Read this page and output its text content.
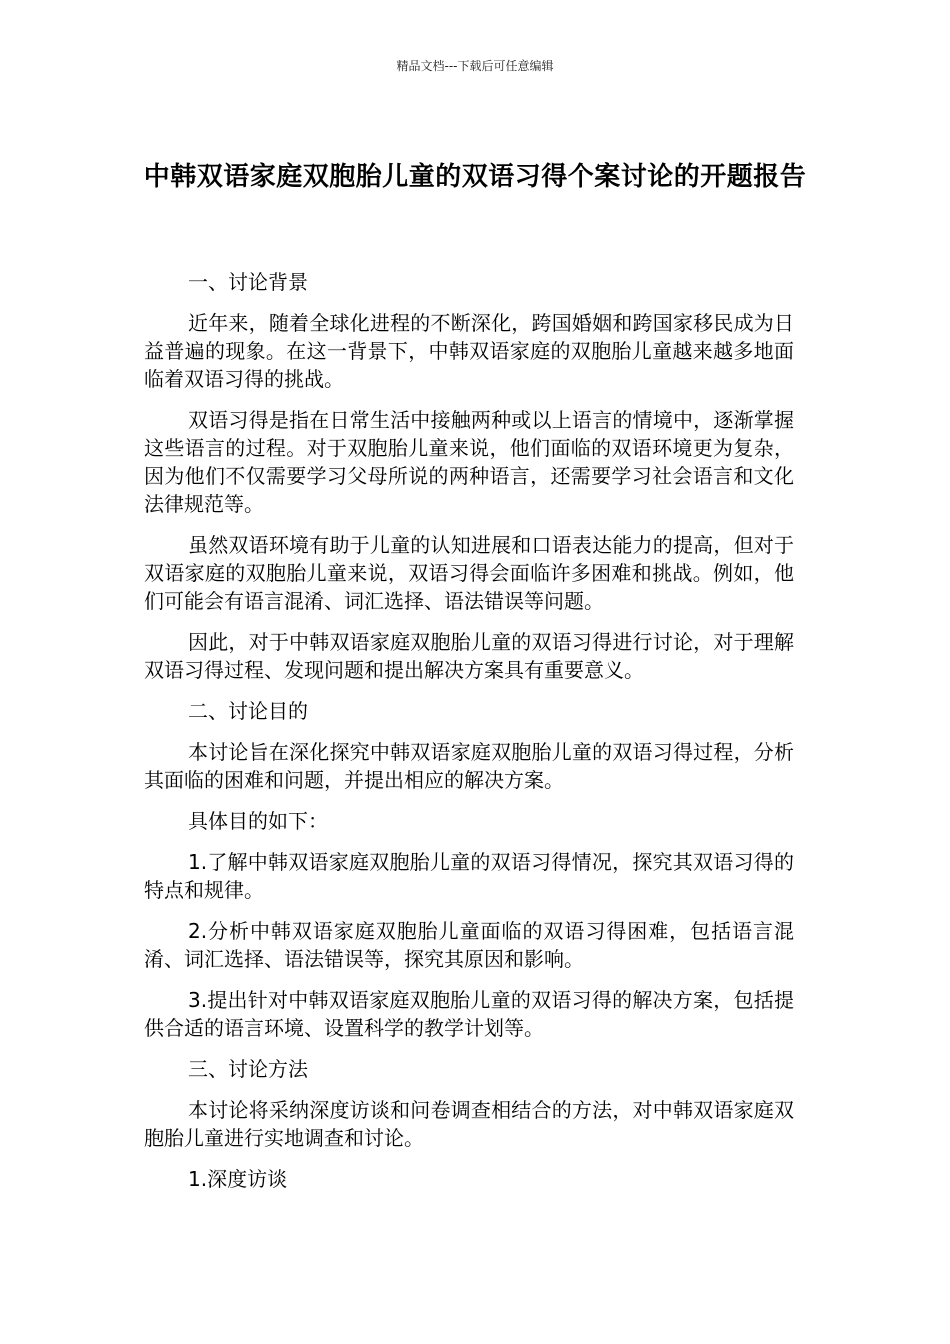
精品文档---下载后可任意编辑
中韩双语家庭双胞胎儿童的双语习得个案讨论的开题报告

一、讨论背景

近年来，随着全球化进程的不断深化，跨国婚姻和跨国家移民成为日益普遍的现象。在这一背景下，中韩双语家庭的双胞胎儿童越来越多地面临着双语习得的挑战。

双语习得是指在日常生活中接触两种或以上语言的情境中，逐渐掌握这些语言的过程。对于双胞胎儿童来说，他们面临的双语环境更为复杂，因为他们不仅需要学习父母所说的两种语言，还需要学习社会语言和文化法律规范等。

虽然双语环境有助于儿童的认知进展和口语表达能力的提高，但对于双语家庭的双胞胎儿童来说，双语习得会面临许多困难和挑战。例如，他们可能会有语言混淆、词汇选择、语法错误等问题。

因此，对于中韩双语家庭双胞胎儿童的双语习得进行讨论，对于理解双语习得过程、发现问题和提出解决方案具有重要意义。

二、讨论目的

本讨论旨在深化探究中韩双语家庭双胞胎儿童的双语习得过程，分析其面临的困难和问题，并提出相应的解决方案。

具体目的如下：

1.了解中韩双语家庭双胞胎儿童的双语习得情况，探究其双语习得的特点和规律。

2.分析中韩双语家庭双胞胎儿童面临的双语习得困难，包括语言混淆、词汇选择、语法错误等，探究其原因和影响。

3.提出针对中韩双语家庭双胞胎儿童的双语习得的解决方案，包括提供合适的语言环境、设置科学的教学计划等。

三、讨论方法

本讨论将采纳深度访谈和问卷调查相结合的方法，对中韩双语家庭双胞胎儿童进行实地调查和讨论。

1.深度访谈
